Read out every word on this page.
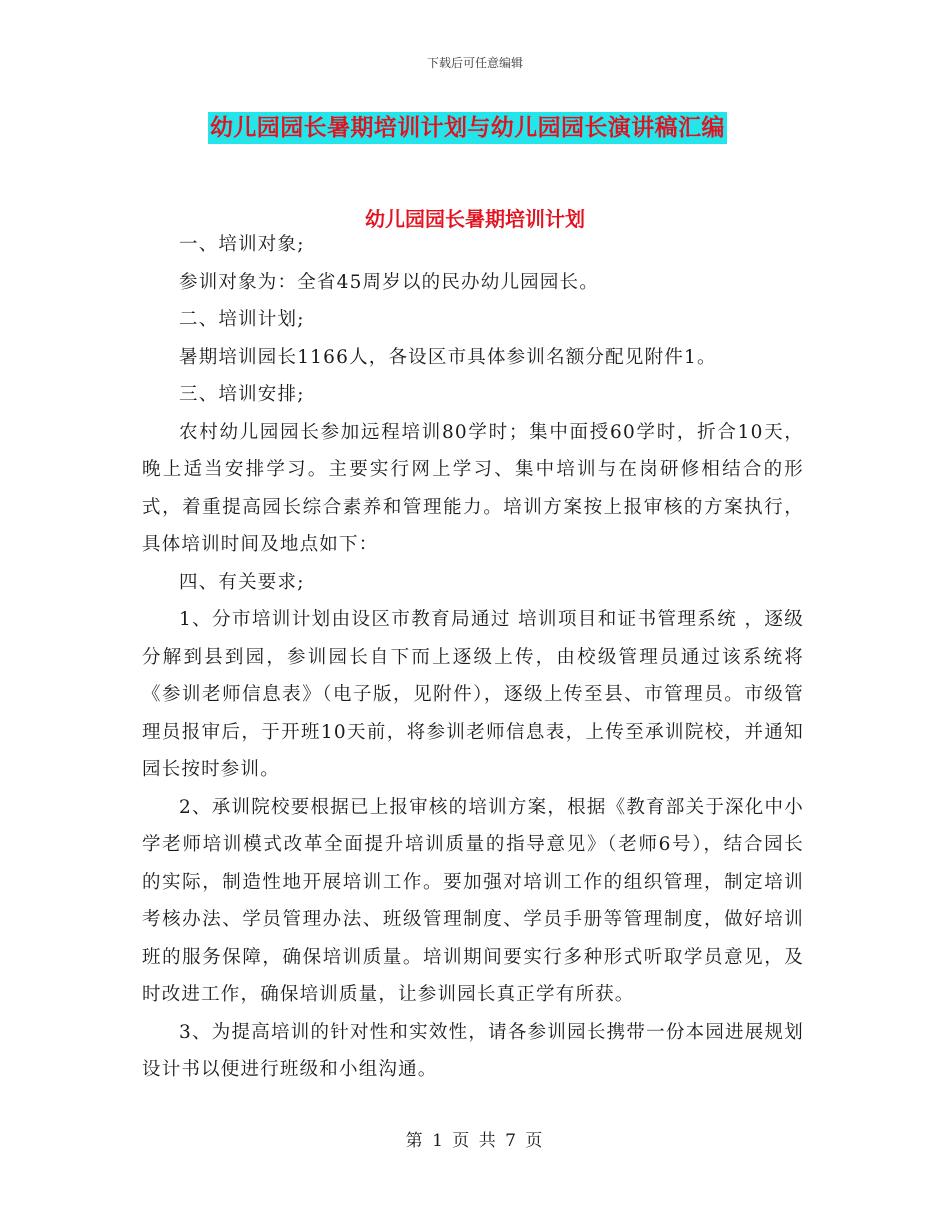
下载后可任意编辑
幼儿园园长暑期培训计划与幼儿园园长演讲稿汇编
幼儿园园长暑期培训计划

一、培训对象;

参训对象为：全省45周岁以的民办幼儿园园长。

二、培训计划;

暑期培训园长1166人，各设区市具体参训名额分配见附件1。

三、培训安排;

农村幼儿园园长参加远程培训80学时；集中面授60学时，折合10天，晚上适当安排学习。主要实行网上学习、集中培训与在岗研修相结合的形式，着重提高园长综合素养和管理能力。培训方案按上报审核的方案执行，具体培训时间及地点如下：

四、有关要求;

1、分市培训计划由设区市教育局通过 培训项目和证书管理系统 ，逐级分解到县到园，参训园长自下而上逐级上传，由校级管理员通过该系统将《参训老师信息表》（电子版，见附件），逐级上传至县、市管理员。市级管理员报审后，于开班10天前，将参训老师信息表，上传至承训院校，并通知园长按时参训。

2、承训院校要根据已上报审核的培训方案，根据《教育部关于深化中小学老师培训模式改革全面提升培训质量的指导意见》（老师6号），结合园长的实际，制造性地开展培训工作。要加强对培训工作的组织管理，制定培训考核办法、学员管理办法、班级管理制度、学员手册等管理制度，做好培训班的服务保障，确保培训质量。培训期间要实行多种形式听取学员意见，及时改进工作，确保培训质量，让参训园长真正学有所获。

3、为提高培训的针对性和实效性，请各参训园长携带一份本园进展规划设计书以便进行班级和小组沟通。

第 1 页 共 7 页
